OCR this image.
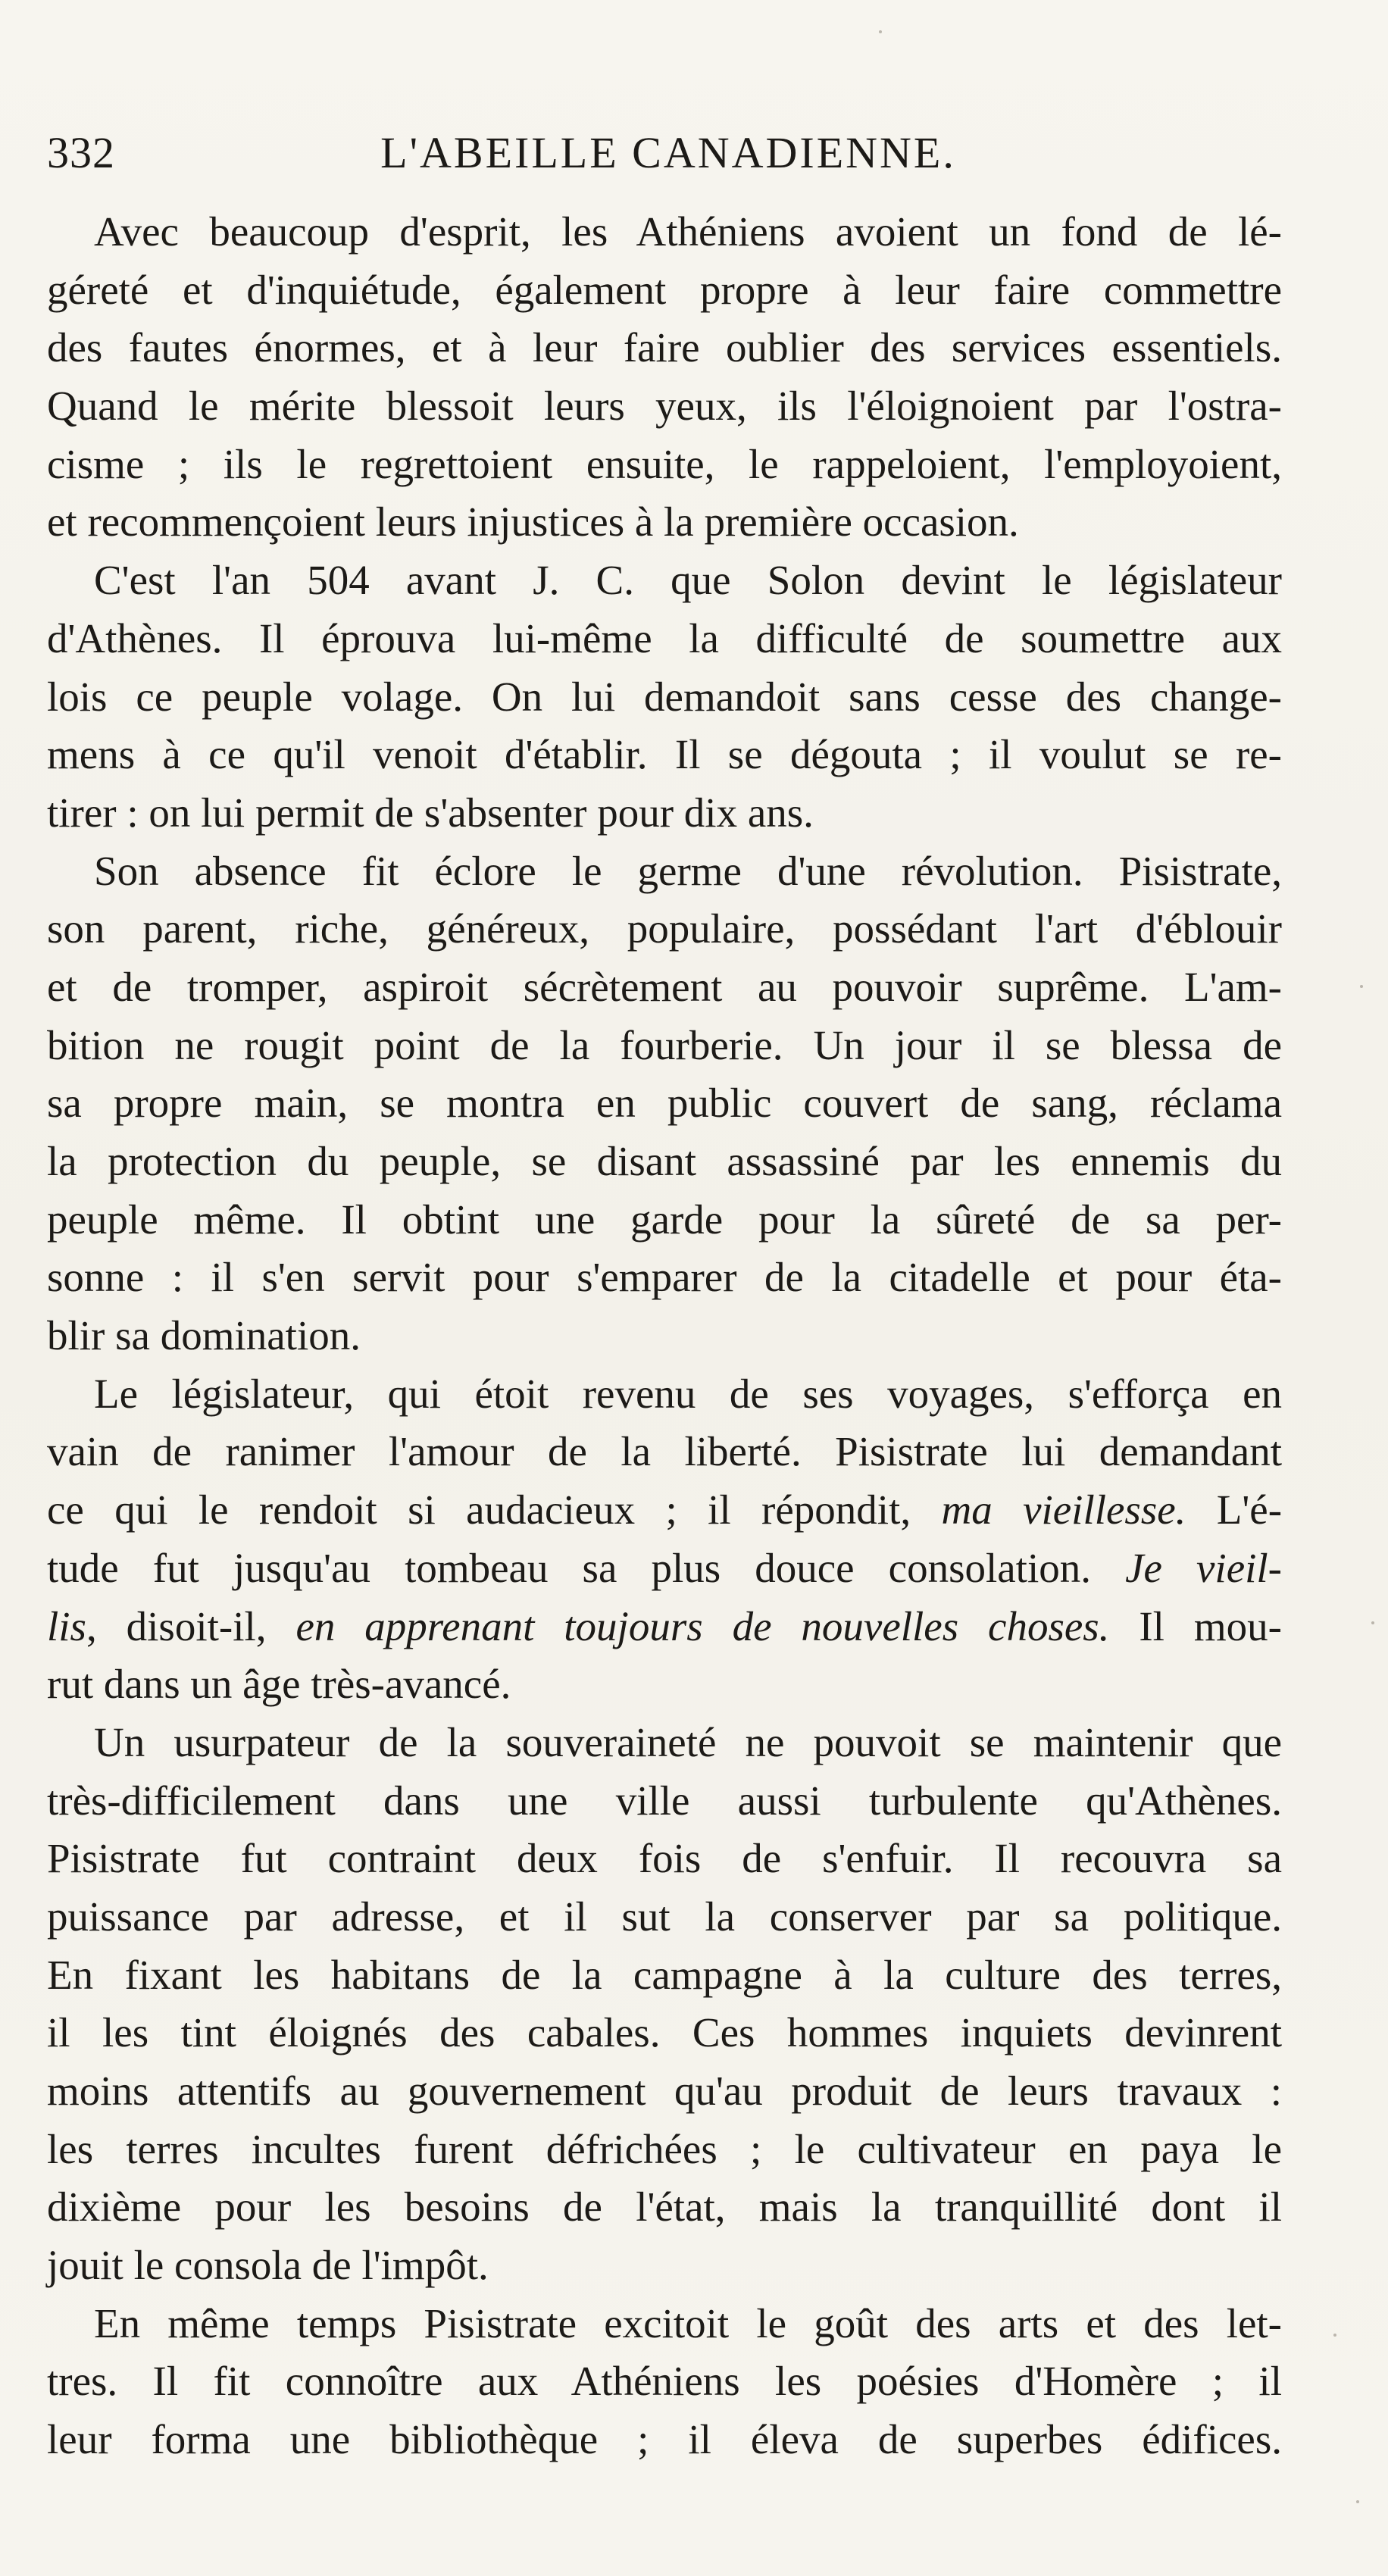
332	L'ABEILLE CANADIENNE.

Avec beaucoup d'esprit, les Athéniens avoient un fond de lé-
géreté et d'inquiétude, également propre à leur faire commettre
des fautes énormes, et à leur faire oublier des services essentiels.
Quand le mérite blessoit leurs yeux, ils l'éloignoient par l'ostra-
cisme ; ils le regrettoient ensuite, le rappeloient, l'employoient,
et recommençoient leurs injustices à la première occasion.

C'est l'an 504 avant J. C. que Solon devint le législateur
d'Athènes. Il éprouva lui-même la difficulté de soumettre aux
lois ce peuple volage. On lui demandoit sans cesse des change-
mens à ce qu'il venoit d'établir. Il se dégouta ; il voulut se re-
tirer : on lui permit de s'absenter pour dix ans.

Son absence fit éclore le germe d'une révolution. Pisistrate,
son parent, riche, généreux, populaire, possédant l'art d'éblouir
et de tromper, aspiroit sécrètement au pouvoir suprême. L'am-
bition ne rougit point de la fourberie. Un jour il se blessa de
sa propre main, se montra en public couvert de sang, réclama
la protection du peuple, se disant assassiné par les ennemis du
peuple même. Il obtint une garde pour la sûreté de sa per-
sonne : il s'en servit pour s'emparer de la citadelle et pour éta-
blir sa domination.

Le législateur, qui étoit revenu de ses voyages, s'efforça en
vain de ranimer l'amour de la liberté. Pisistrate lui demandant
ce qui le rendoit si audacieux ; il répondit, ma vieillesse. L'é-
tude fut jusqu'au tombeau sa plus douce consolation. Je vieil-
lis, disoit-il, en apprenant toujours de nouvelles choses. Il mou-
rut dans un âge très-avancé.

Un usurpateur de la souveraineté ne pouvoit se maintenir que
très-difficilement dans une ville aussi turbulente qu'Athènes.
Pisistrate fut contraint deux fois de s'enfuir. Il recouvra sa
puissance par adresse, et il sut la conserver par sa politique.
En fixant les habitans de la campagne à la culture des terres,
il les tint éloignés des cabales. Ces hommes inquiets devinrent
moins attentifs au gouvernement qu'au produit de leurs travaux :
les terres incultes furent défrichées ; le cultivateur en paya le
dixième pour les besoins de l'état, mais la tranquillité dont il
jouit le consola de l'impôt.

En même temps Pisistrate excitoit le goût des arts et des let-
tres. Il fit connoître aux Athéniens les poésies d'Homère ; il
leur forma une bibliothèque ; il éleva de superbes édifices.
